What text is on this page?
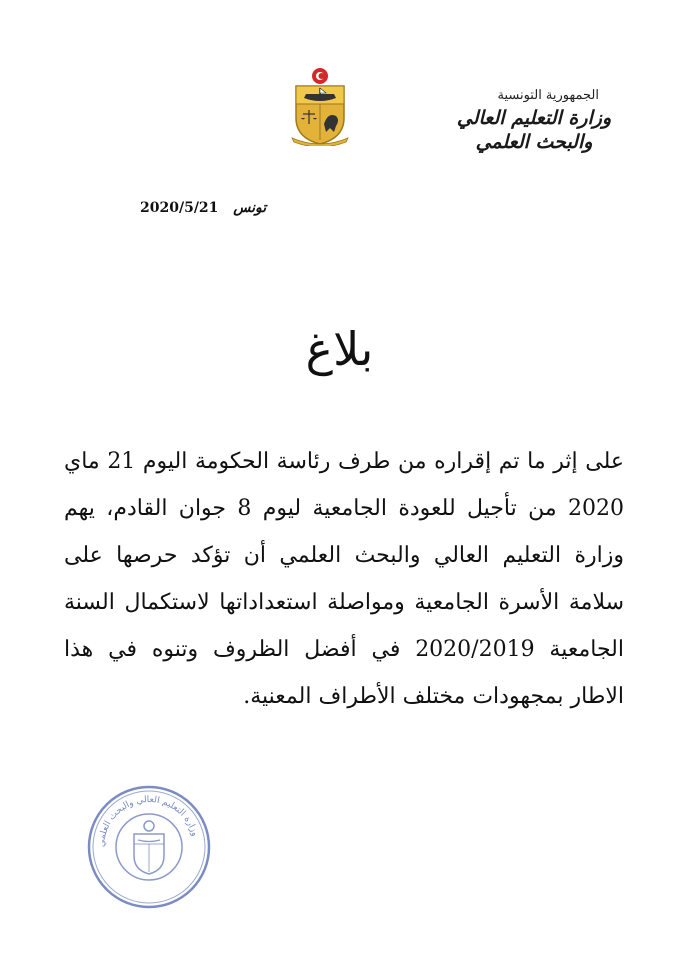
الجمهورية التونسية
وزارة التعليم العالي
والبحث العلمي
تونس 2020/5/21
بلاغ
على إثر ما تم إقراره من طرف رئاسة الحكومة اليوم 21 ماي 2020 من تأجيل للعودة الجامعية ليوم 8 جوان القادم، يهم وزارة التعليم العالي والبحث العلمي أن تؤكد حرصها على سلامة الأسرة الجامعية ومواصلة استعداداتها لاستكمال السنة الجامعية 2020/2019 في أفضل الظروف وتنوه في هذا الاطار بمجهودات مختلف الأطراف المعنية.
وزارة التعليم العالي والبحث العلمي
